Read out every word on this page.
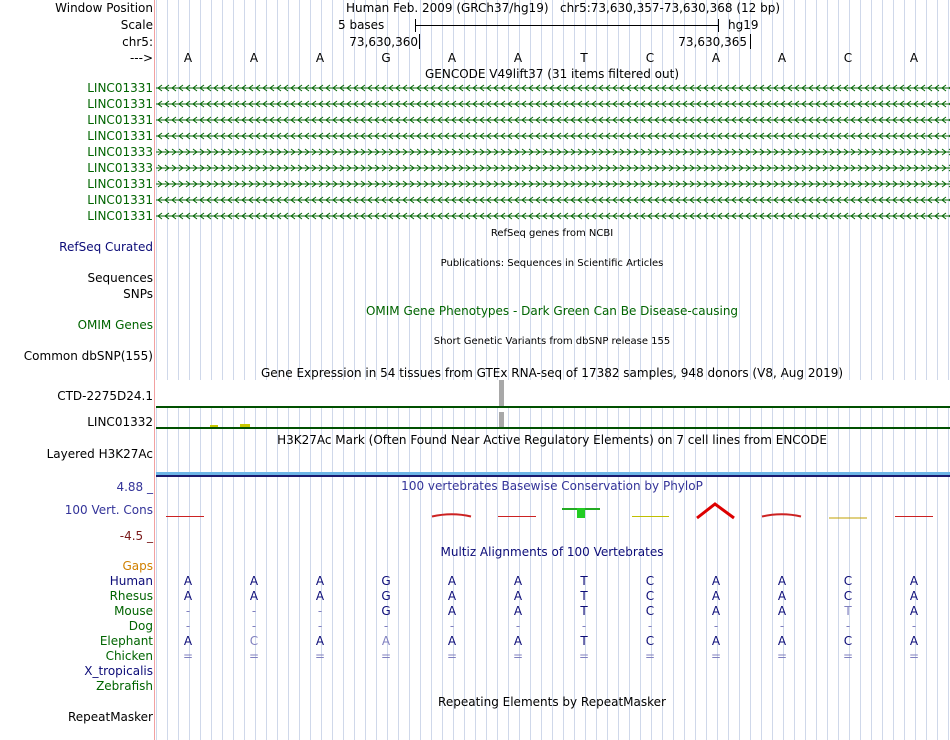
Window Position
Scale
chr5:
--->
Human Feb. 2009 (GRCh37/hg19) chr5:73,630,357-73,630,368 (12 bp)
5 bases	hg19
73,630,360	73,630,365
A	A	A	G	A	A	T	C	A	A	C	A
GENCODE V49lift37 (31 items filtered out)
LINC01331
LINC01331
LINC01331
LINC01331
LINC01333
LINC01333
LINC01331
LINC01331
LINC01331
RefSeq Curated
RefSeq genes from NCBI
Publications: Sequences in Scientific Articles
Sequences
SNPs
OMIM Gene Phenotypes - Dark Green Can Be Disease-causing
OMIM Genes
Short Genetic Variants from dbSNP release 155
Common dbSNP(155)
Gene Expression in 54 tissues from GTEx RNA-seq of 17382 samples, 948 donors (V8, Aug 2019)
CTD-2275D24.1
LINC01332
H3K27Ac Mark (Often Found Near Active Regulatory Elements) on 7 cell lines from ENCODE
Layered H3K27Ac
100 vertebrates Basewise Conservation by PhyloP
4.88 _
100 Vert. Cons
-4.5 _
Multiz Alignments of 100 Vertebrates
Gaps
Human	A	A	A	G	A	A	T	C	A	A	C	A
Rhesus	A	A	A	G	A	A	T	C	A	A	C	A
Mouse	-	-	-	G	A	A	T	C	A	A	T	A
Dog	-	-	-	-	-	-	-	-	-	-	-	-
Elephant	A	C	A	A	A	A	T	C	A	A	C	A
Chicken	=	=	=	=	=	=	=	=	=	=	=	=
X_tropicalis
Zebrafish
Repeating Elements by RepeatMasker
RepeatMasker
